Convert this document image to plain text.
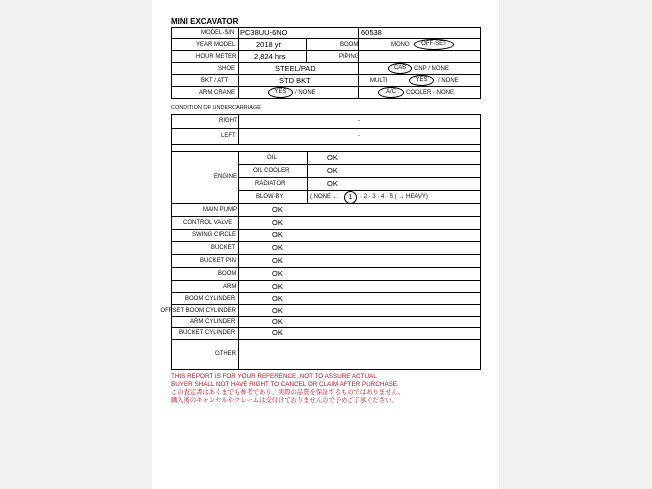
MINI EXCAVATOR
MODEL-S/N PC38UU-6NO	60538
YEAR MODEL	2018 yr	BOOM	MONO	OFF-SET
HOUR METER 2,824 hrs	PIPING
SHOE	STEEL/PAD	CAB	CNP / NONE
BKT / ATT	STD BKT	MULTI	YES	/ NONE
ARM CRANE	YES	/ NONE	A/C	COOLER · NONE
CONDITION OF UNDERCARRIAGE
RIGHT	-
LEFT	-
ENGINE
OIL	OK
OIL COOLER	OK
RADIATOR	OK
BLOW-BY	( NONE ←	1	· 2 · 3 · 4 · 5 ( → HEAVY)
MAIN PUMP	OK
CONTROL VALVE	OK
SWING CIRCLE	OK
BUCKET	OK
BUCKET PIN	OK
BOOM	OK
ARM	OK
BOOM CYLINDER	OK
OFFSET BOOM CYLINDER	OK
ARM CYLINDER	OK
BUCKET CYLINDER	OK
OTHER
THIS REPORT IS FOR YOUR REFERENCE, NOT TO ASSURE ACTUAL
BUYER SHALL NOT HAVE RIGHT TO CANCEL OR CLAIM AFTER PURCHASE.
この査定書はあくまでも参考であり、実際の品質を保証するものではありません。
購入後のキャンセルやクレームは受付けておりませんので予めご了承ください。
